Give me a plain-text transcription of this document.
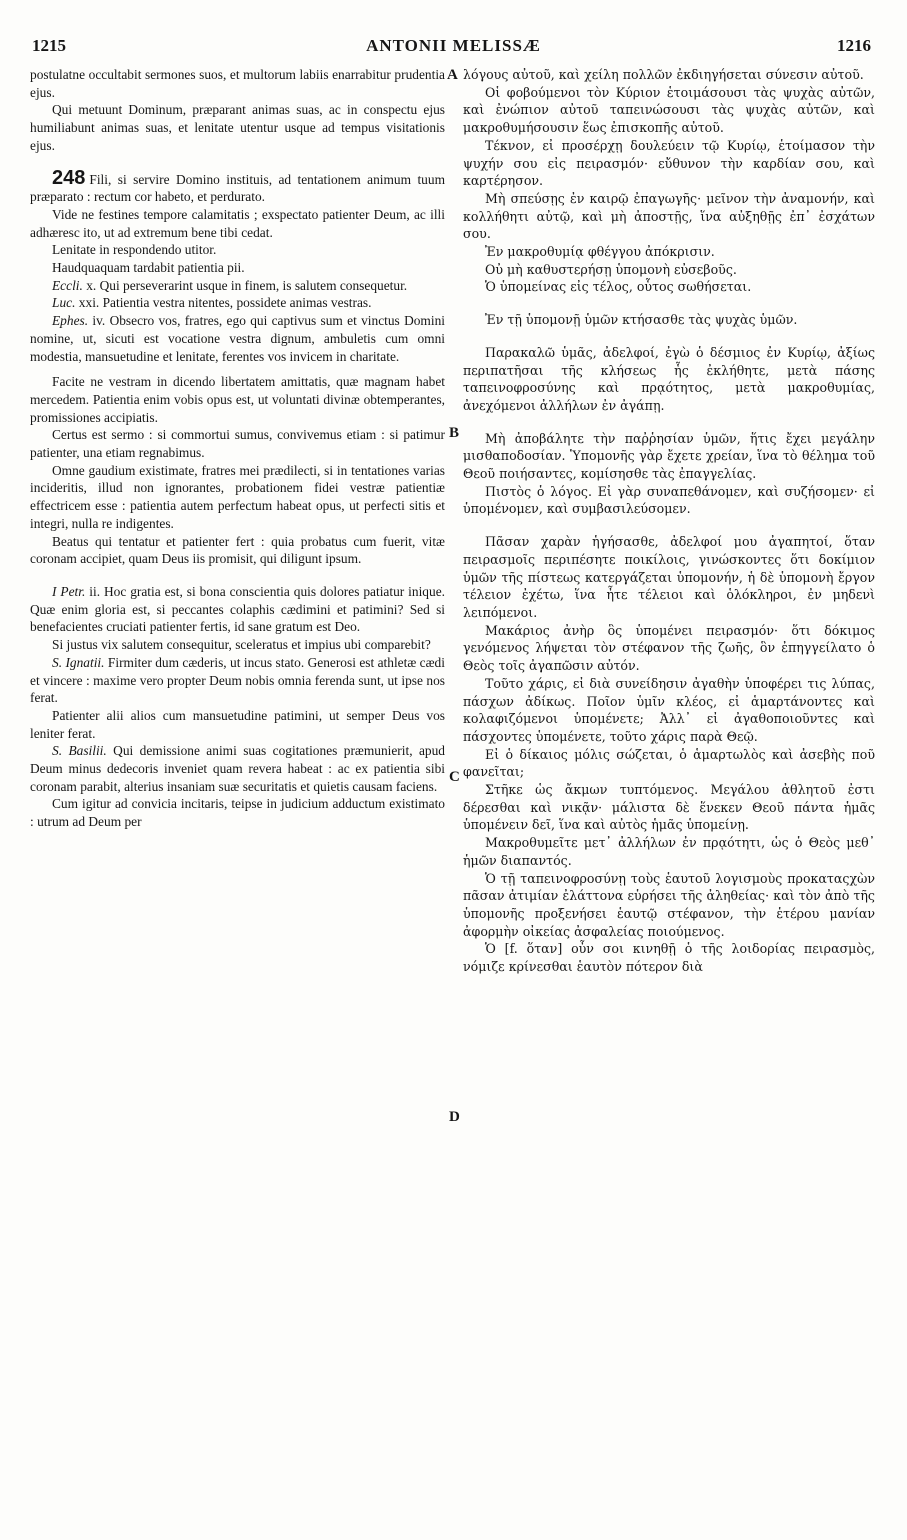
1215	ANTONII MELISSÆ	1216
A
B
C
D

postulatne occultabit sermones suos, et multorum labiis enarrabitur prudentia ejus.

Qui metuunt Dominum, præparant animas suas, ac in conspectu ejus humiliabunt animas suas, et lenitate utentur usque ad tempus visitationis ejus.

248 Fili, si servire Domino instituis, ad tentationem animum tuum præparato : rectum cor habeto, et perdurato.

Vide ne festines tempore calamitatis ; exspectato patienter Deum, ac illi adhæresc ito, ut ad extremum bene tibi cedat.

Lenitate in respondendo utitor.

Haudquaquam tardabit patientia pii.

Eccli. x. Qui perseverarint usque in finem, is salutem consequetur.

Luc. xxi. Patientia vestra nitentes, possidete animas vestras.

Ephes. iv. Obsecro vos, fratres, ego qui captivus sum et vinctus Domini nomine, ut, sicuti est vocatione vestra dignum, ambuletis cum omni modestia, mansuetudine et lenitate, ferentes vos invicem in charitate.

Facite ne vestram in dicendo libertatem amittatis, quæ magnam habet mercedem. Patientia enim vobis opus est, ut voluntati divinæ obtemperantes, promissiones accipiatis.

Certus est sermo : si commortui sumus, convivemus etiam : si patimur patienter, una etiam regnabimus.

Omne gaudium existimate, fratres mei prædilecti, si in tentationes varias incideritis, illud non ignorantes, probationem fidei vestræ patientiæ effectricem esse : patientia autem perfectum habeat opus, ut perfecti sitis et integri, nulla re indigentes.

Beatus qui tentatur et patienter fert : quia probatus cum fuerit, vitæ coronam accipiet, quam Deus iis promisit, qui diligunt ipsum.

I Petr. ii. Hoc gratia est, si bona conscientia quis dolores patiatur inique. Quæ enim gloria est, si peccantes colaphis cædimini et patimini? Sed si benefacientes cruciati patienter fertis, id sane gratum est Deo.

Si justus vix salutem consequitur, sceleratus et impius ubi comparebit?

S. Ignatii. Firmiter dum cæderis, ut incus stato. Generosi est athletæ cædi et vincere : maxime vero propter Deum nobis omnia ferenda sunt, ut ipse nos ferat.

Patienter alii alios cum mansuetudine patimini, ut semper Deus vos leniter ferat.

S. Basilii. Qui demissione animi suas cogitationes præmunierit, apud Deum minus dedecoris inveniet quam revera habeat : ac ex patientia sibi coronam parabit, alterius insaniam suæ securitatis et quietis causam faciens.

Cum igitur ad convicia incitaris, teipse in judicium adductum existimato : utrum ad Deum per

λόγους αὐτοῦ, καὶ χείλη πολλῶν ἐκδιηγήσεται σύνεσιν αὐτοῦ.

Οἱ φοβούμενοι τὸν Κύριον ἑτοιμάσουσι τὰς ψυχὰς αὐτῶν, καὶ ἐνώπιον αὐτοῦ ταπεινώσουσι τὰς ψυχὰς αὐτῶν, καὶ μακροθυμήσουσιν ἕως ἐπισκοπῆς αὐτοῦ.

Τέκνον, εἰ προσέρχῃ δουλεύειν τῷ Κυρίῳ, ἑτοίμασον τὴν ψυχήν σου εἰς πειρασμόν· εὔθυνον τὴν καρδίαν σου, καὶ καρτέρησον.

Μὴ σπεύσῃς ἐν καιρῷ ἐπαγωγῆς· μεῖνον τὴν ἀναμονήν, καὶ κολλήθητι αὐτῷ, καὶ μὴ ἀποστῇς, ἵνα αὐξηθῇς ἐπ᾽ ἐσχάτων σου.

Ἐν μακροθυμίᾳ φθέγγου ἀπόκρισιν.

Οὐ μὴ καθυστερήσῃ ὑπομονὴ εὐσεβοῦς.

Ὁ ὑπομείνας εἰς τέλος, οὗτος σωθήσεται.

Ἐν τῇ ὑπομονῇ ὑμῶν κτήσασθε τὰς ψυχὰς ὑμῶν.

Παρακαλῶ ὑμᾶς, ἀδελφοί, ἐγὼ ὁ δέσμιος ἐν Κυρίῳ, ἀξίως περιπατῆσαι τῆς κλήσεως ἧς ἐκλήθητε, μετὰ πάσης ταπεινοφροσύνης καὶ πρᾳότητος, μετὰ μακροθυμίας, ἀνεχόμενοι ἀλλήλων ἐν ἀγάπῃ.

Μὴ ἀποβάλητε τὴν παῤῥησίαν ὑμῶν, ἥτις ἔχει μεγάλην μισθαποδοσίαν. Ὑπομονῆς γὰρ ἔχετε χρείαν, ἵνα τὸ θέλημα τοῦ Θεοῦ ποιήσαντες, κομίσησθε τὰς ἐπαγγελίας.

Πιστὸς ὁ λόγος. Εἰ γὰρ συναπεθάνομεν, καὶ συζήσομεν· εἰ ὑπομένομεν, καὶ συμβασιλεύσομεν.

Πᾶσαν χαρὰν ἡγήσασθε, ἀδελφοί μου ἀγαπητοί, ὅταν πειρασμοῖς περιπέσητε ποικίλοις, γινώσκοντες ὅτι δοκίμιον ὑμῶν τῆς πίστεως κατεργάζεται ὑπομονήν, ἡ δὲ ὑπομονὴ ἔργον τέλειον ἐχέτω, ἵνα ἦτε τέλειοι καὶ ὁλόκληροι, ἐν μηδενὶ λειπόμενοι.

Μακάριος ἀνὴρ ὃς ὑπομένει πειρασμόν· ὅτι δόκιμος γενόμενος λήψεται τὸν στέφανον τῆς ζωῆς, ὃν ἐπηγγείλατο ὁ Θεὸς τοῖς ἀγαπῶσιν αὐτόν.

Τοῦτο χάρις, εἰ διὰ συνείδησιν ἀγαθὴν ὑποφέρει τις λύπας, πάσχων ἀδίκως. Ποῖον ὑμῖν κλέος, εἰ ἁμαρτάνοντες καὶ κολαφιζόμενοι ὑπομένετε; Ἀλλ᾽ εἰ ἀγαθοποιοῦντες καὶ πάσχοντες ὑπομένετε, τοῦτο χάρις παρὰ Θεῷ.

Εἰ ὁ δίκαιος μόλις σώζεται, ὁ ἁμαρτωλὸς καὶ ἀσεβὴς ποῦ φανεῖται;

Στῆκε ὡς ἄκμων τυπτόμενος. Μεγάλου ἀθλητοῦ ἐστι δέρεσθαι καὶ νικᾷν· μάλιστα δὲ ἕνεκεν Θεοῦ πάντα ἡμᾶς ὑπομένειν δεῖ, ἵνα καὶ αὐτὸς ἡμᾶς ὑπομείνῃ.

Μακροθυμεῖτε μετ᾽ ἀλλήλων ἐν πρᾳότητι, ὡς ὁ Θεὸς μεθ᾽ ἡμῶν διαπαντός.

Ὁ τῇ ταπεινοφροσύνῃ τοὺς ἑαυτοῦ λογισμοὺς προκαταςχὼν πᾶσαν ἀτιμίαν ἐλάττονα εὑρήσει τῆς ἀληθείας· καὶ τὸν ἀπὸ τῆς ὑπομονῆς προξενήσει ἑαυτῷ στέφανον, τὴν ἑτέρου μανίαν ἀφορμὴν οἰκείας ἀσφαλείας ποιούμενος.

Ὁ [f. ὅταν] οὖν σοι κινηθῇ ὁ τῆς λοιδορίας πειρασμὸς, νόμιζε κρίνεσθαι ἑαυτὸν πότερον διὰ
